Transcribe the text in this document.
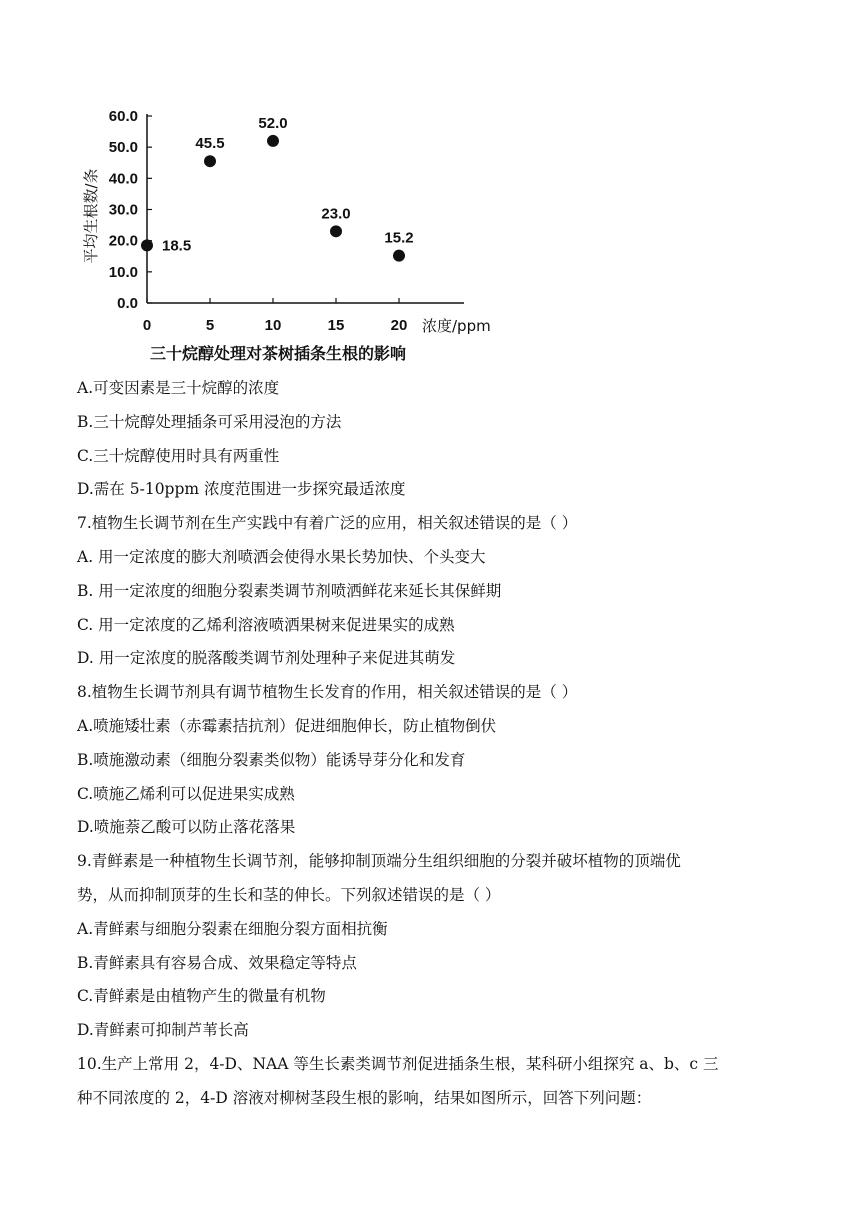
0.0
10.0
20.0
30.0
40.0
50.0
60.0
0	5	10	15	20
18.5
45.5
52.0
23.0
15.2
浓度/ppm
平均生根数/条
三十烷醇处理对茶树插条生根的影响
A.可变因素是三十烷醇的浓度
B.三十烷醇处理插条可采用浸泡的方法
C.三十烷醇使用时具有两重性
D.需在 5-10ppm 浓度范围进一步探究最适浓度
7.植物生长调节剂在生产实践中有着广泛的应用，相关叙述错误的是（ ）
A. 用一定浓度的膨大剂喷洒会使得水果长势加快、个头变大
B. 用一定浓度的细胞分裂素类调节剂喷洒鲜花来延长其保鲜期
C. 用一定浓度的乙烯利溶液喷洒果树来促进果实的成熟
D. 用一定浓度的脱落酸类调节剂处理种子来促进其萌发
8.植物生长调节剂具有调节植物生长发育的作用，相关叙述错误的是（ ）
A.喷施矮壮素（赤霉素拮抗剂）促进细胞伸长，防止植物倒伏
B.喷施激动素（细胞分裂素类似物）能诱导芽分化和发育
C.喷施乙烯利可以促进果实成熟
D.喷施萘乙酸可以防止落花落果
9.青鲜素是一种植物生长调节剂，能够抑制顶端分生组织细胞的分裂并破坏植物的顶端优
势，从而抑制顶芽的生长和茎的伸长。下列叙述错误的是（ ）
A.青鲜素与细胞分裂素在细胞分裂方面相抗衡
B.青鲜素具有容易合成、效果稳定等特点
C.青鲜素是由植物产生的微量有机物
D.青鲜素可抑制芦苇长高
10.生产上常用 2，4-D、NAA 等生长素类调节剂促进插条生根，某科研小组探究 a、b、c 三
种不同浓度的 2，4-D 溶液对柳树茎段生根的影响，结果如图所示，回答下列问题：
